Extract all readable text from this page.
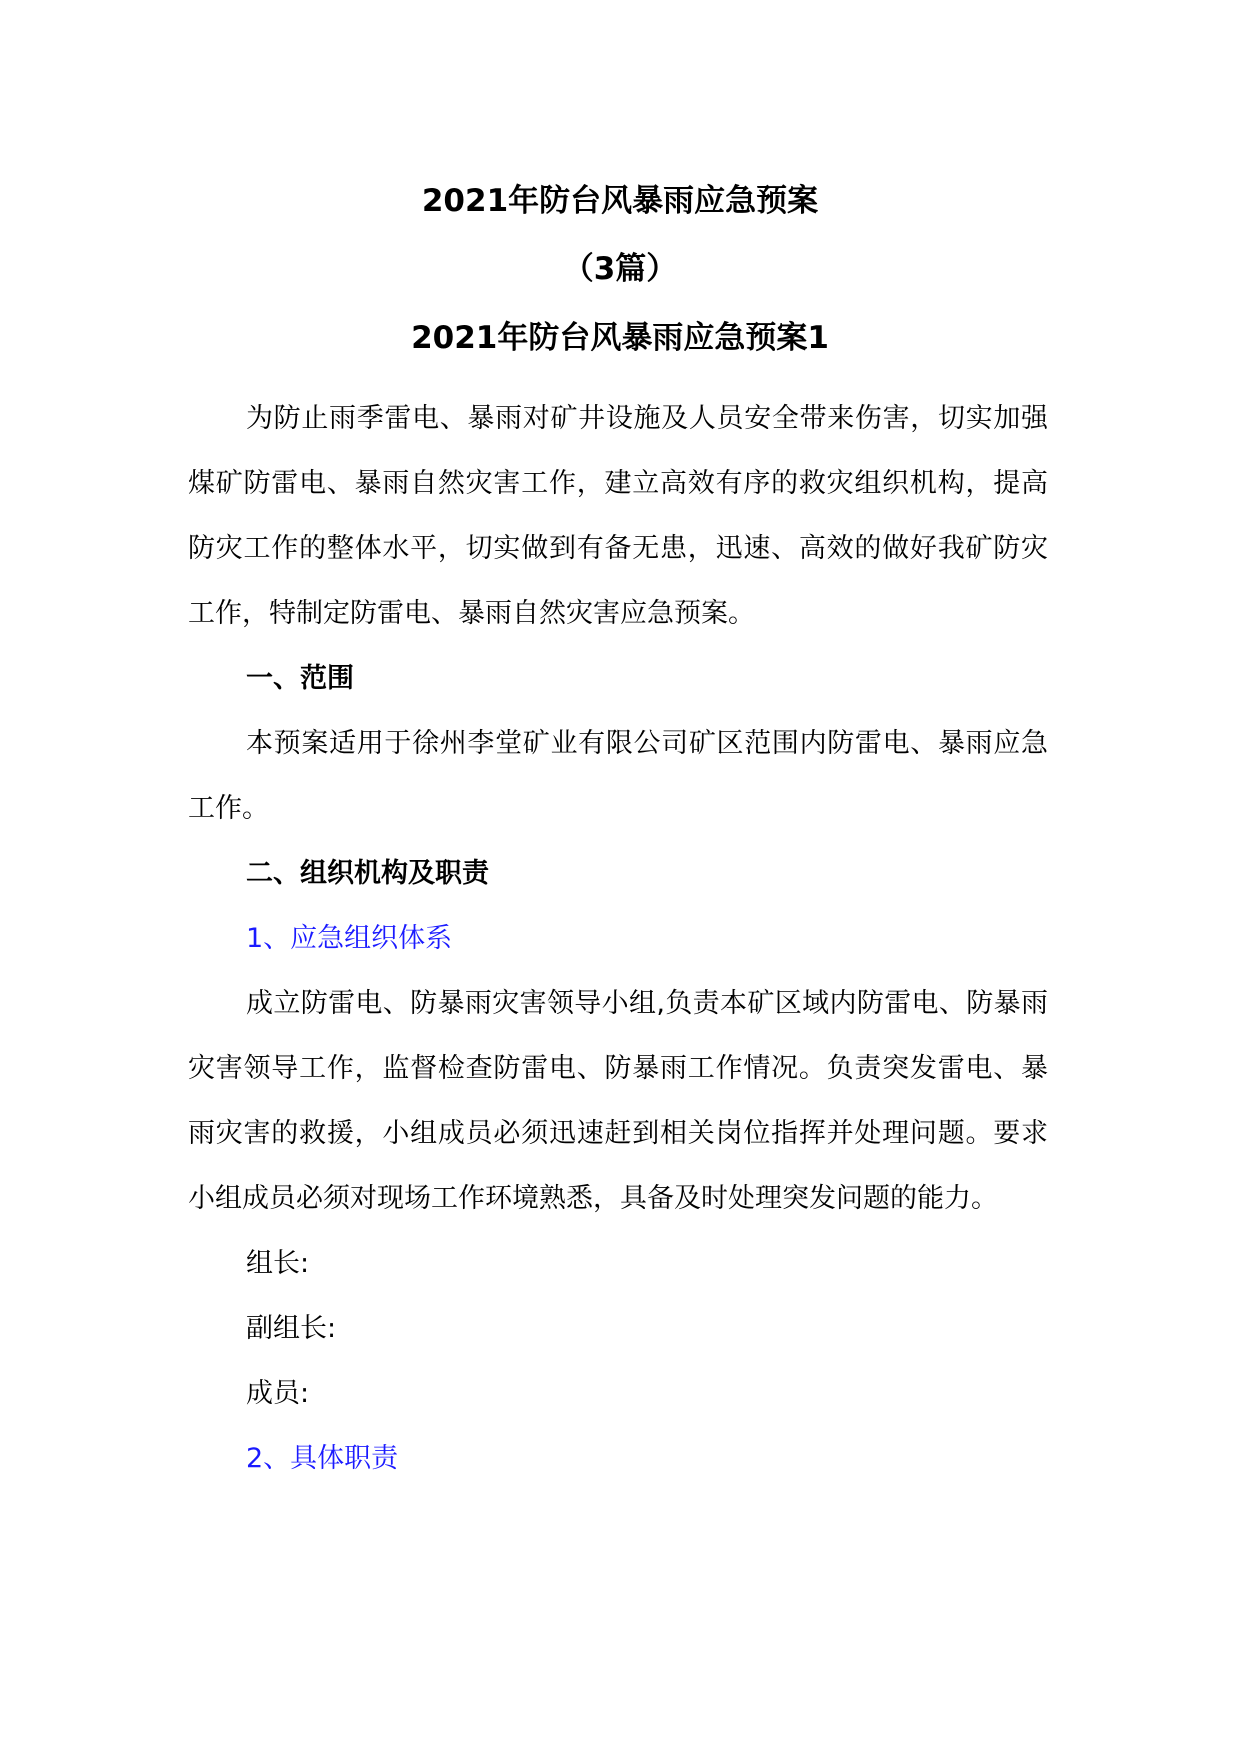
2021年防台风暴雨应急预案
（3篇）
2021年防台风暴雨应急预案1

为防止雨季雷电、暴雨对矿井设施及人员安全带来伤害，切实加强煤矿防雷电、暴雨自然灾害工作，建立高效有序的救灾组织机构，提高防灾工作的整体水平，切实做到有备无患，迅速、高效的做好我矿防灾工作，特制定防雷电、暴雨自然灾害应急预案。

一、范围

本预案适用于徐州李堂矿业有限公司矿区范围内防雷电、暴雨应急工作。

二、组织机构及职责

1、应急组织体系

成立防雷电、防暴雨灾害领导小组,负责本矿区域内防雷电、防暴雨灾害领导工作，监督检查防雷电、防暴雨工作情况。负责突发雷电、暴雨灾害的救援，小组成员必须迅速赶到相关岗位指挥并处理问题。要求小组成员必须对现场工作环境熟悉，具备及时处理突发问题的能力。

组长:

副组长:

成员:

2、具体职责
